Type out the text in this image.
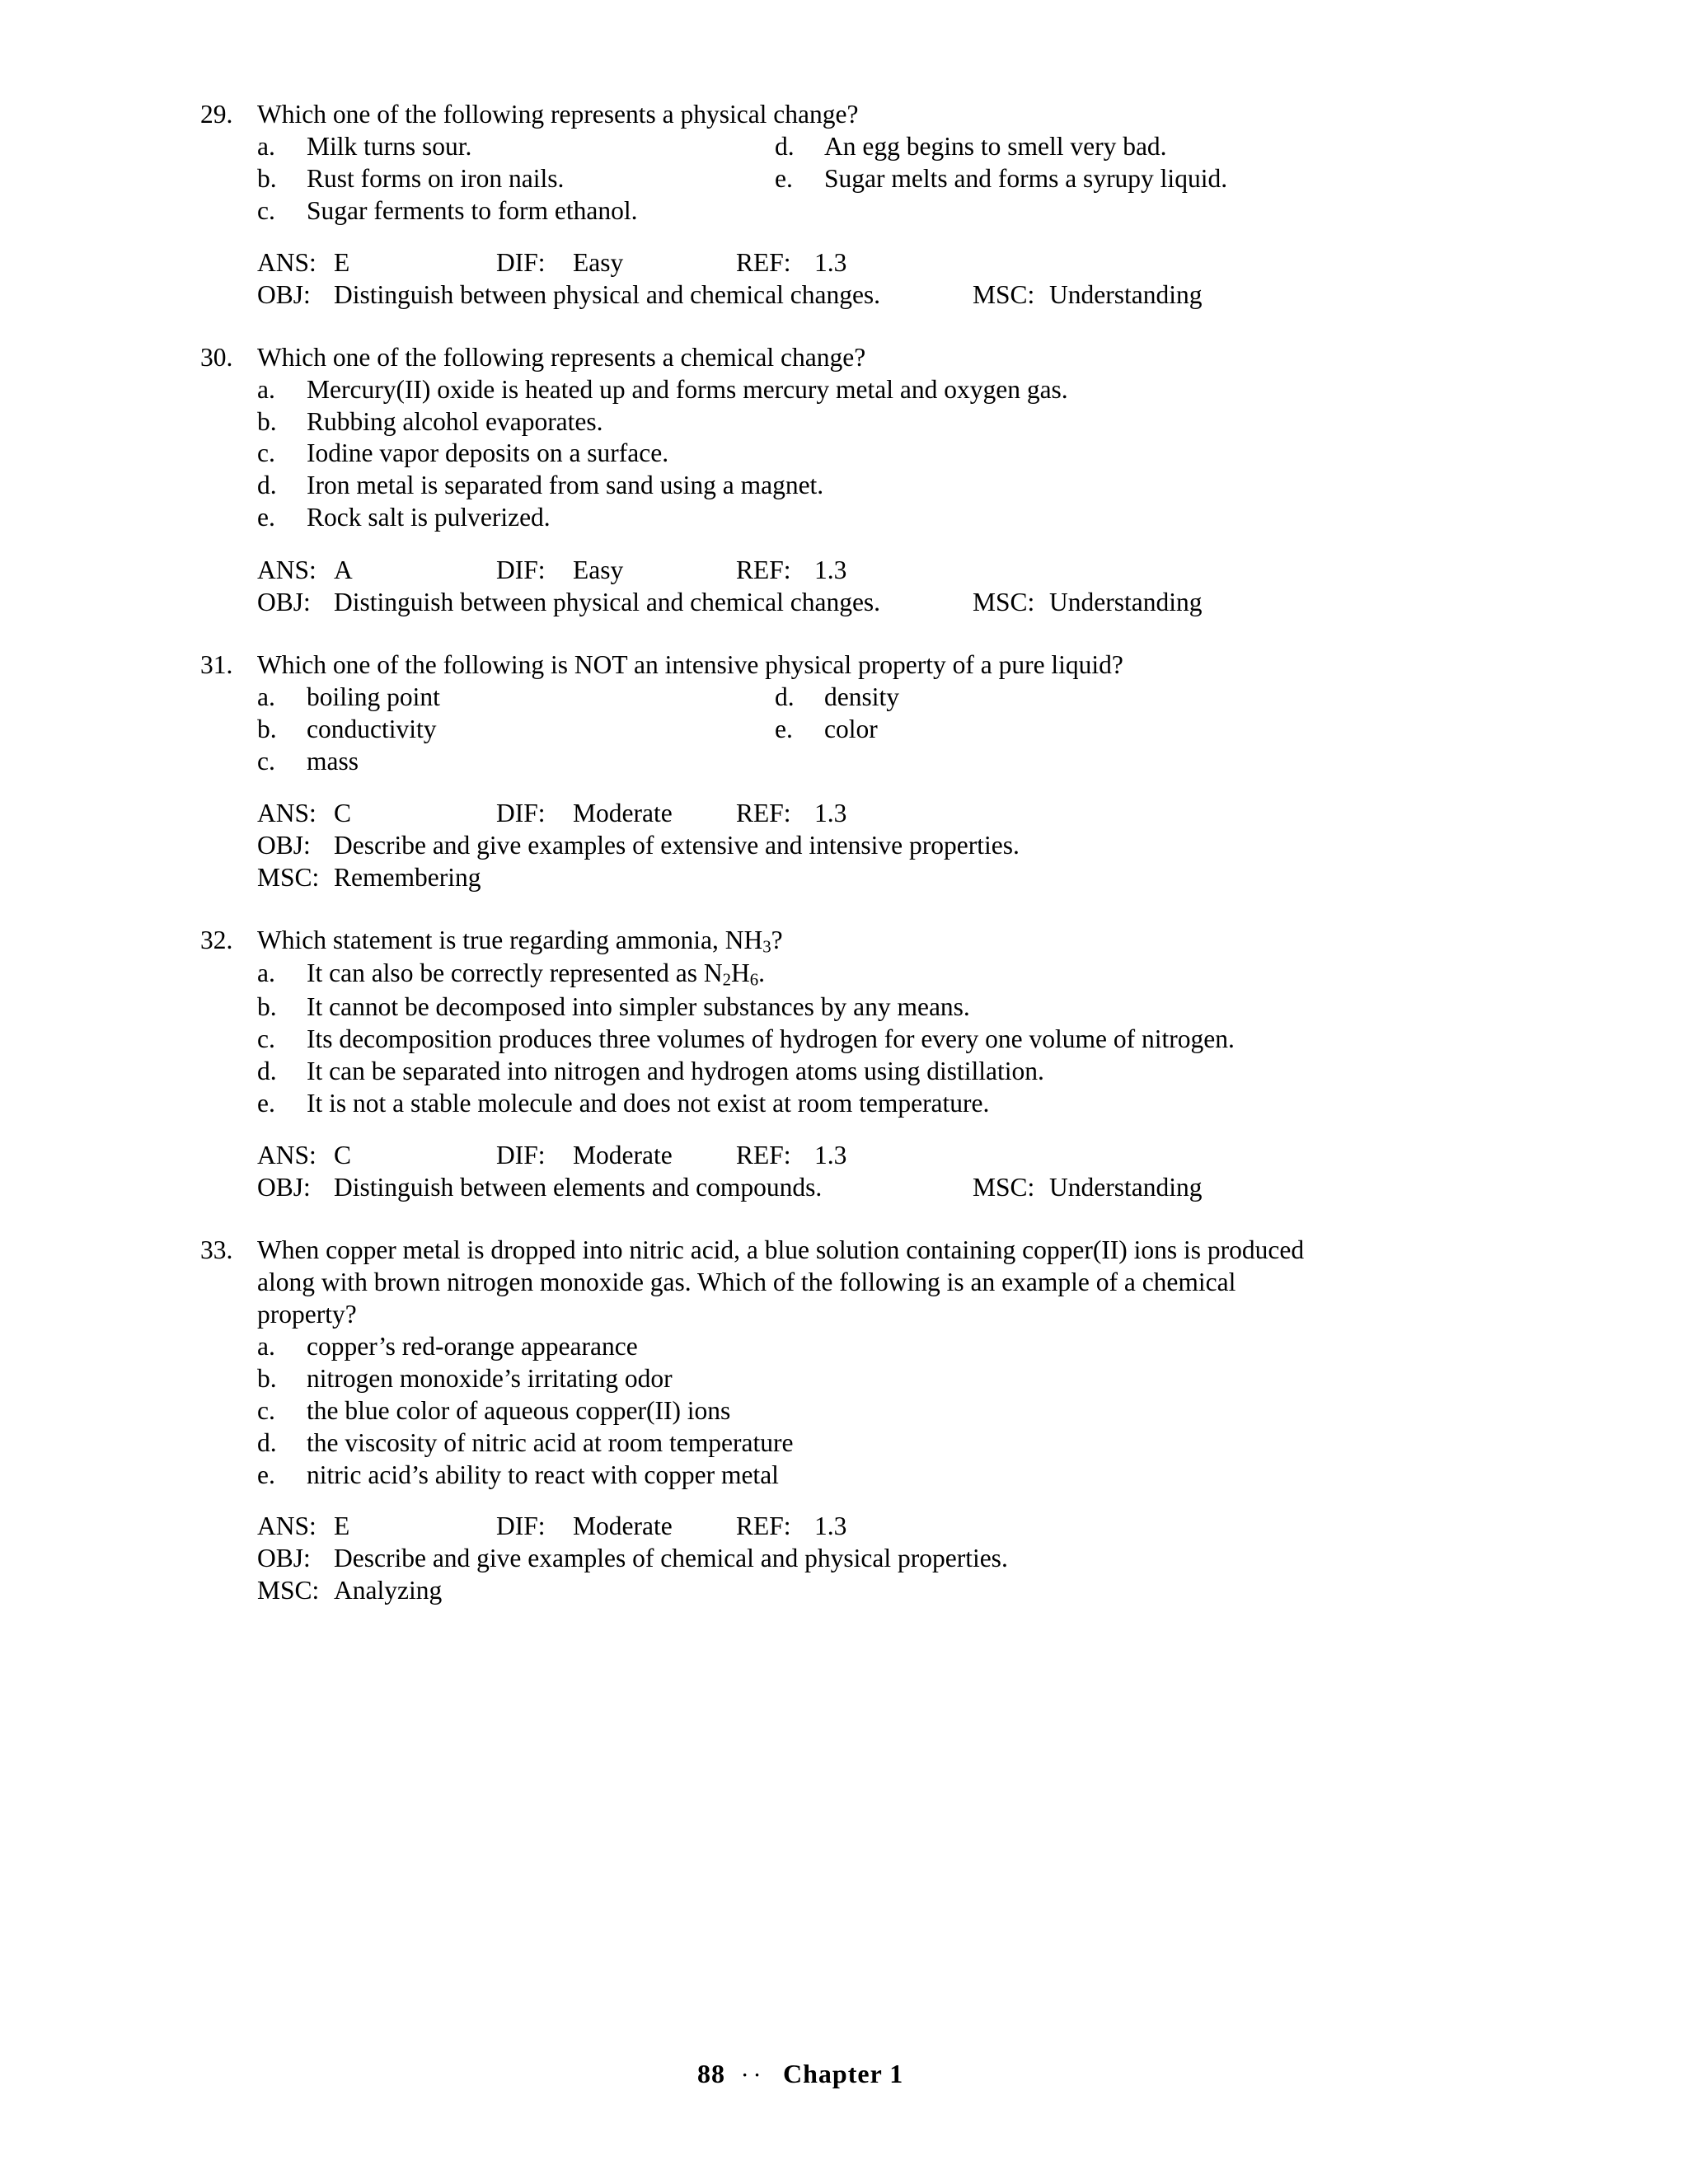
29. Which one of the following represents a physical change?
a. Milk turns sour.
b. Rust forms on iron nails.
c. Sugar ferments to form ethanol.
d. An egg begins to smell very bad.
e. Sugar melts and forms a syrupy liquid.
ANS: E	DIF: Easy	REF: 1.3
OBJ: Distinguish between physical and chemical changes.	MSC: Understanding
30. Which one of the following represents a chemical change?
a. Mercury(II) oxide is heated up and forms mercury metal and oxygen gas.
b. Rubbing alcohol evaporates.
c. Iodine vapor deposits on a surface.
d. Iron metal is separated from sand using a magnet.
e. Rock salt is pulverized.
ANS: A	DIF: Easy	REF: 1.3
OBJ: Distinguish between physical and chemical changes.	MSC: Understanding
31. Which one of the following is NOT an intensive physical property of a pure liquid?
a. boiling point
b. conductivity
c. mass
d. density
e. color
ANS: C	DIF: Moderate REF: 1.3
OBJ: Describe and give examples of extensive and intensive properties.
MSC: Remembering
32. Which statement is true regarding ammonia, $NH_3$?
a. It can also be correctly represented as $N_2H_6$.
b. It cannot be decomposed into simpler substances by any means.
c. Its decomposition produces three volumes of hydrogen for every one volume of nitrogen.
d. It can be separated into nitrogen and hydrogen atoms using distillation.
e. It is not a stable molecule and does not exist at room temperature.
ANS: C	DIF: Moderate REF: 1.3
OBJ: Distinguish between elements and compounds.	MSC: Understanding
33. When copper metal is dropped into nitric acid, a blue solution containing copper(II) ions is produced
along with brown nitrogen monoxide gas. Which of the following is an example of a chemical
property?
a. copper’s red-orange appearance
b. nitrogen monoxide’s irritating odor
c. the blue color of aqueous copper(II) ions
d. the viscosity of nitric acid at room temperature
e. nitric acid’s ability to react with copper metal
ANS: E	DIF: Moderate REF: 1.3
OBJ: Describe and give examples of chemical and physical properties.
MSC: Analyzing
88 · · Chapter 1
